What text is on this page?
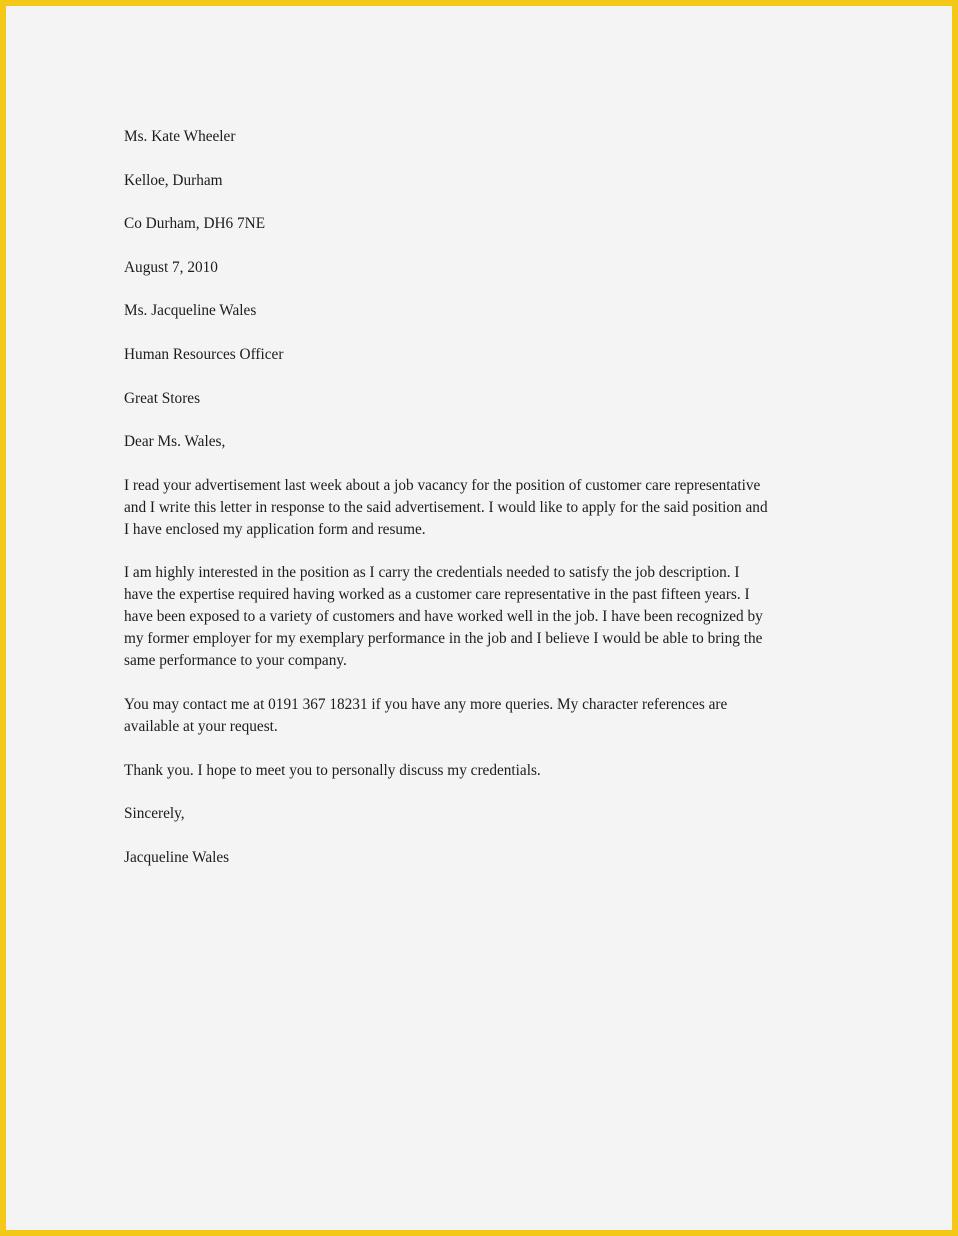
Ms. Kate Wheeler
Kelloe, Durham
Co Durham, DH6 7NE
August 7, 2010
Ms. Jacqueline Wales
Human Resources Officer
Great Stores
Dear Ms. Wales,
I read your advertisement last week about a job vacancy for the position of customer care representative
and I write this letter in response to the said advertisement. I would like to apply for the said position and
I have enclosed my application form and resume.
I am highly interested in the position as I carry the credentials needed to satisfy the job description. I
have the expertise required having worked as a customer care representative in the past fifteen years. I
have been exposed to a variety of customers and have worked well in the job. I have been recognized by
my former employer for my exemplary performance in the job and I believe I would be able to bring the
same performance to your company.
You may contact me at 0191 367 18231 if you have any more queries. My character references are
available at your request.
Thank you. I hope to meet you to personally discuss my credentials.
Sincerely,
Jacqueline Wales
